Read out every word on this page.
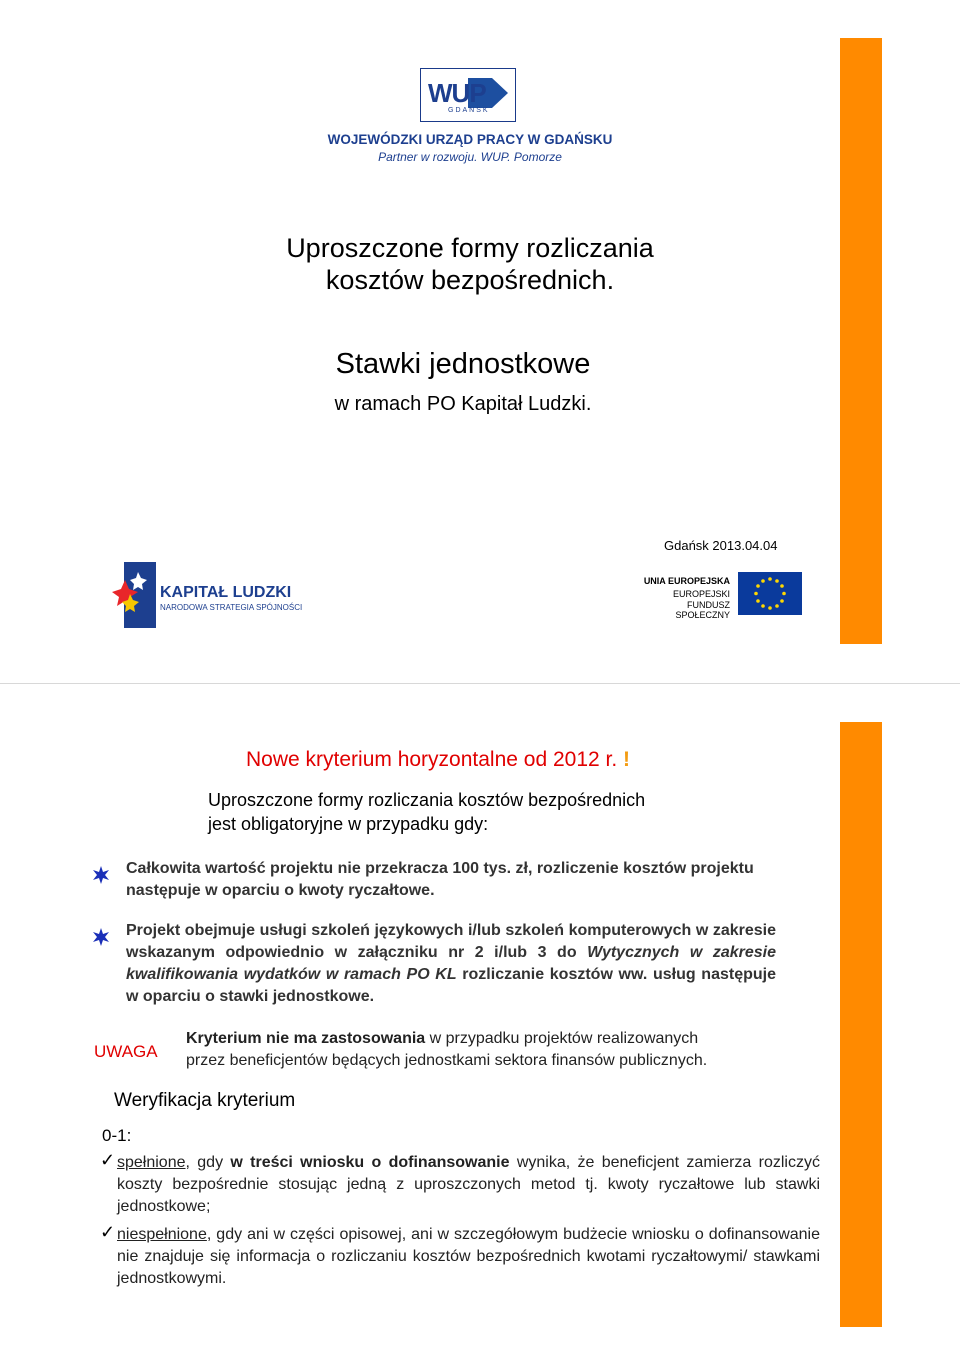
WUP
GDANSK
WOJEWÓDZKI URZĄD PRACY W GDAŃSKU
Partner w rozwoju. WUP. Pomorze
Uproszczone formy rozliczania
kosztów bezpośrednich.
Stawki jednostkowe
w ramach PO Kapitał Ludzki.
Gdańsk 2013.04.04
KAPITAŁ LUDZKI
NARODOWA STRATEGIA SPÓJNOŚCI
UNIA EUROPEJSKA
EUROPEJSKI
FUNDUSZ SPOŁECZNY
Nowe kryterium horyzontalne od 2012 r. !
Uproszczone formy rozliczania kosztów bezpośrednich
jest obligatoryjne w przypadku gdy:
Całkowita wartość projektu nie przekracza 100 tys. zł, rozliczenie kosztów projektu następuje w oparciu o kwoty ryczałtowe.
Projekt obejmuje usługi szkoleń językowych i/lub szkoleń komputerowych w zakresie wskazanym odpowiednio w załączniku nr 2 i/lub 3 do Wytycznych w zakresie kwalifikowania wydatków w ramach PO KL rozliczanie kosztów ww. usług następuje w oparciu o stawki jednostkowe.
UWAGA
Kryterium nie ma zastosowania w przypadku projektów realizowanych
przez beneficjentów będących jednostkami sektora finansów publicznych.
Weryfikacja kryterium
0-1:
✓ spełnione, gdy w treści wniosku o dofinansowanie wynika, że beneficjent zamierza rozliczyć koszty bezpośrednie stosując jedną z uproszczonych metod tj. kwoty ryczałtowe lub stawki jednostkowe;
✓ niespełnione, gdy ani w części opisowej, ani w szczegółowym budżecie wniosku o dofinansowanie nie znajduje się informacja o rozliczaniu kosztów bezpośrednich kwotami ryczałtowymi/ stawkami jednostkowymi.
